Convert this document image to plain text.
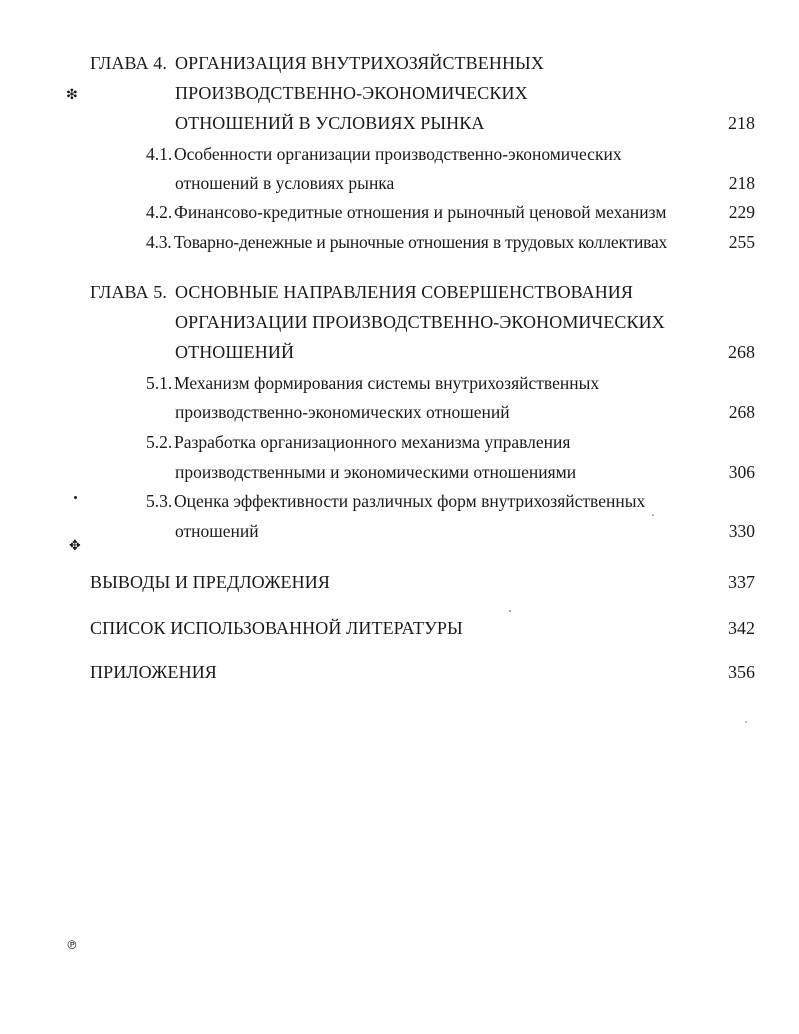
ГЛАВА 4. ОРГАНИЗАЦИЯ ВНУТРИХОЗЯЙСТВЕННЫХ
ПРОИЗВОДСТВЕННО-ЭКОНОМИЧЕСКИХ
ОТНОШЕНИЙ В УСЛОВИЯХ РЫНКА	218
4.1. Особенности организации производственно-экономических
отношений в условиях рынка	218
4.2. Финансово-кредитные отношения и рыночный ценовой механизм	229
4.3. Товарно-денежные и рыночные отношения в трудовых коллективах	255
ГЛАВА 5. ОСНОВНЫЕ НАПРАВЛЕНИЯ СОВЕРШЕНСТВОВАНИЯ
ОРГАНИЗАЦИИ ПРОИЗВОДСТВЕННО-ЭКОНОМИЧЕСКИХ
ОТНОШЕНИЙ	268
5.1. Механизм формирования системы внутрихозяйственных
производственно-экономических отношений	268
5.2. Разработка организационного механизма управления
производственными и экономическими отношениями	306
5.3. Оценка эффективности различных форм внутрихозяйственных
отношений	330
ВЫВОДЫ И ПРЕДЛОЖЕНИЯ	337
СПИСОК ИСПОЛЬЗОВАННОЙ ЛИТЕРАТУРЫ	342
ПРИЛОЖЕНИЯ	356
❇
✥
℗
